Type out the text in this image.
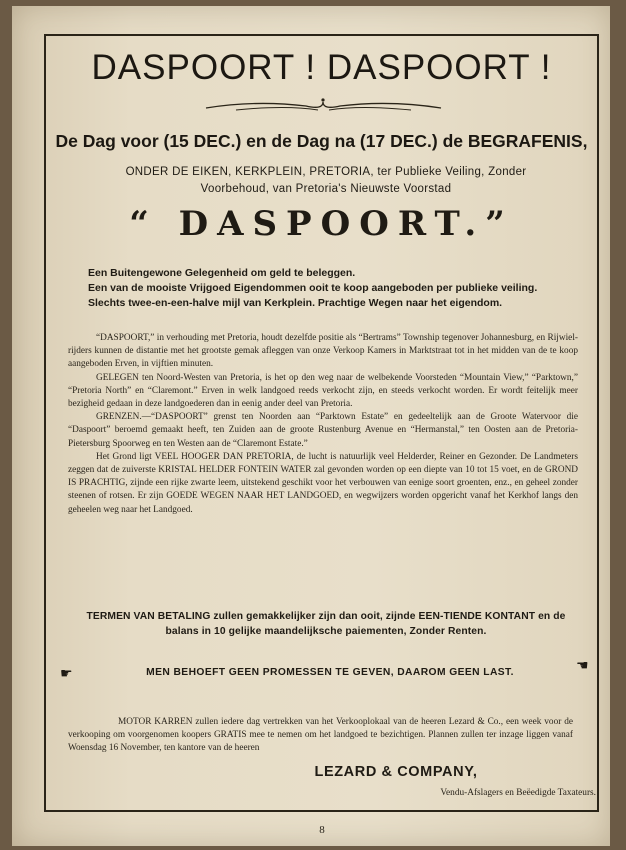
DASPOORT ! DASPOORT !
De Dag voor (15 DEC.) en de Dag na (17 DEC.) de BEGRAFENIS,
ONDER DE EIKEN, KERKPLEIN, PRETORIA, ter Publieke Veiling, Zonder Voorbehoud, van Pretoria's Nieuwste Voorstad
“ DASPOORT.”

Een Buitengewone Gelegenheid om geld te beleggen.

Een van de mooiste Vrijgoed Eigendommen ooit te koop aangeboden per publieke veiling. Slechts twee-en-een-halve mijl van Kerkplein. Prachtige Wegen naar het eigendom.

“DASPOORT,” in verhouding met Pretoria, houdt dezelfde positie als “Bertrams” Township tegenover Johannesburg, en Rijwiel-rijders kunnen de distantie met het grootste gemak afleggen van onze Verkoop Kamers in Marktstraat tot in het midden van de te koop aangeboden Erven, in vijftien minuten.

GELEGEN ten Noord-Westen van Pretoria, is het op den weg naar de welbekende Voorsteden “Mountain View,” “Parktown,” “Pretoria North” en “Claremont.” Erven in welk landgoed reeds verkocht zijn, en steeds verkocht worden. Er wordt feitelijk meer bezigheid gedaan in deze landgoederen dan in eenig ander deel van Pretoria.

GRENZEN.—“DASPOORT” grenst ten Noorden aan “Parktown Estate” en gedeeltelijk aan de Groote Watervoor die “Daspoort” beroemd gemaakt heeft, ten Zuiden aan de groote Rustenburg Avenue en “Hermanstal,” ten Oosten aan de Pretoria-Pietersburg Spoorweg en ten Westen aan de “Claremont Estate.”

Het Grond ligt VEEL HOOGER DAN PRETORIA, de lucht is natuurlijk veel Helderder, Reiner en Gezonder. De Landmeters zeggen dat de zuiverste KRISTAL HELDER FONTEIN WATER zal gevonden worden op een diepte van 10 tot 15 voet, en de GROND IS PRACHTIG, zijnde een rijke zwarte leem, uitstekend geschikt voor het verbouwen van eenige soort groenten, enz., en geheel zonder steenen of rotsen. Er zijn GOEDE WEGEN NAAR HET LANDGOED, en wegwijzers worden opgericht vanaf het Kerkhof langs den geheelen weg naar het Landgoed.

TERMEN VAN BETALING zullen gemakkelijker zijn dan ooit, zijnde EEN-TIENDE KONTANT en de balans in 10 gelijke maandelijksche paiementen, Zonder Renten.
☛	MEN BEHOEFT GEEN PROMESSEN TE GEVEN, DAAROM GEEN LAST.	☚

MOTOR KARREN zullen iedere dag vertrekken van het Verkooplokaal van de heeren Lezard & Co., een week voor de verkooping om voorgenomen koopers GRATIS mee te nemen om het landgoed te bezichtigen. Plannen zullen ter inzage liggen vanaf Woensdag 16 November, ten kantore van de heeren

LEZARD & COMPANY,
Vendu-Afslagers en Beëedigde Taxateurs.
8
